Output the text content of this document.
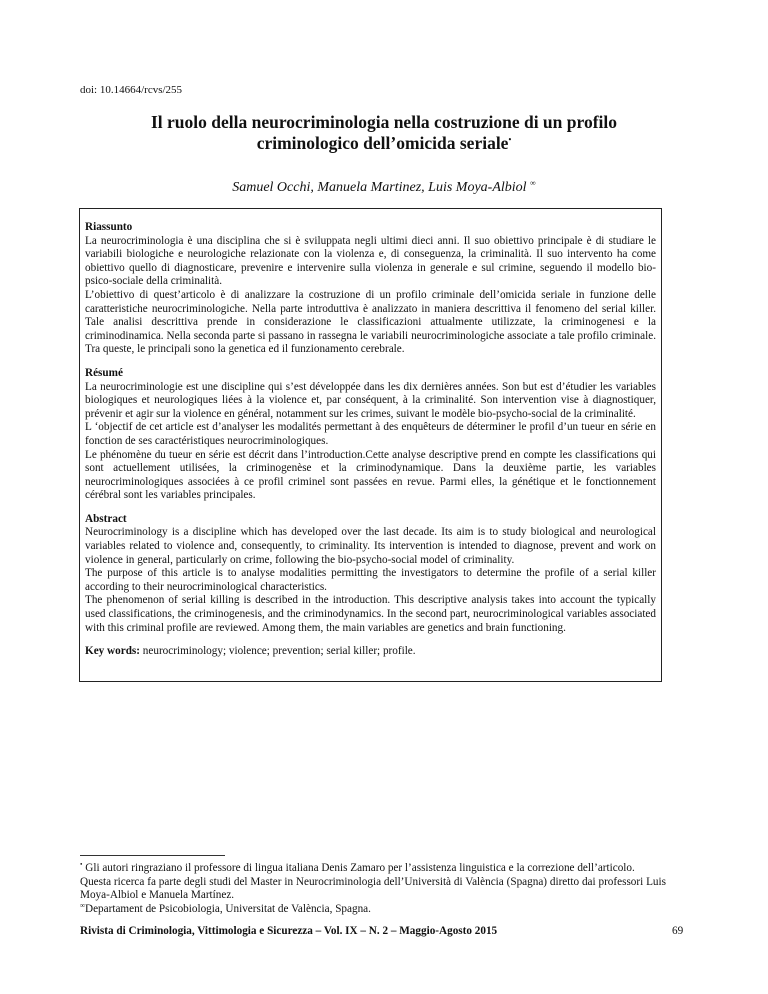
doi: 10.14664/rcvs/255
Il ruolo della neurocriminologia nella costruzione di un profilo criminologico dell’omicida seriale•
Samuel Occhi, Manuela Martinez, Luis Moya-Albiol ∞
Riassunto

La neurocriminologia è una disciplina che si è sviluppata negli ultimi dieci anni. Il suo obiettivo principale è di studiare le variabili biologiche e neurologiche relazionate con la violenza e, di conseguenza, la criminalità. Il suo intervento ha come obiettivo quello di diagnosticare, prevenire e intervenire sulla violenza in generale e sul crimine, seguendo il modello bio-psico-sociale della criminalità.

L’obiettivo di quest’articolo è di analizzare la costruzione di un profilo criminale dell’omicida seriale in funzione delle caratteristiche neurocriminologiche. Nella parte introduttiva è analizzato in maniera descrittiva il fenomeno del serial killer. Tale analisi descrittiva prende in considerazione le classificazioni attualmente utilizzate, la criminogenesi e la criminodinamica. Nella seconda parte si passano in rassegna le variabili neurocriminologiche associate a tale profilo criminale. Tra queste, le principali sono la genetica ed il funzionamento cerebrale.

Résumé

La neurocriminologie est une discipline qui s’est développée dans les dix dernières années. Son but est d’étudier les variables biologiques et neurologiques liées à la violence et, par conséquent, à la criminalité. Son intervention vise à diagnostiquer, prévenir et agir sur la violence en général, notamment sur les crimes, suivant le modèle bio-psycho-social de la criminalité.

L ‘objectif de cet article est d’analyser les modalités permettant à des enquêteurs de déterminer le profil d’un tueur en série en fonction de ses caractéristiques neurocriminologiques.

Le phénomène du tueur en série est décrit dans l’introduction.Cette analyse descriptive prend en compte les classifications qui sont actuellement utilisées, la criminogenèse et la criminodynamique. Dans la deuxième partie, les variables neurocriminologiques associées à ce profil criminel sont passées en revue. Parmi elles, la génétique et le fonctionnement cérébral sont les variables principales.

Abstract

Neurocriminology is a discipline which has developed over the last decade. Its aim is to study biological and neurological variables related to violence and, consequently, to criminality. Its intervention is intended to diagnose, prevent and work on violence in general, particularly on crime, following the bio-psycho-social model of criminality.

The purpose of this article is to analyse modalities permitting the investigators to determine the profile of a serial killer according to their neurocriminological characteristics.

The phenomenon of serial killing is described in the introduction. This descriptive analysis takes into account the typically used classifications, the criminogenesis, and the criminodynamics. In the second part, neurocriminological variables associated with this criminal profile are reviewed. Among them, the main variables are genetics and brain functioning.

Key words: neurocriminology; violence; prevention; serial killer; profile.

• Gli autori ringraziano il professore di lingua italiana Denis Zamaro per l’assistenza linguistica e la correzione dell’articolo.

Questa ricerca fa parte degli studi del Master in Neurocriminologia dell’Università di València (Spagna) diretto dai professori Luis Moya-Albiol e Manuela Martínez.

∞Departament de Psicobiologia, Universitat de València, Spagna.

Rivista di Criminologia, Vittimologia e Sicurezza – Vol. IX – N. 2 – Maggio-Agosto 2015	69
